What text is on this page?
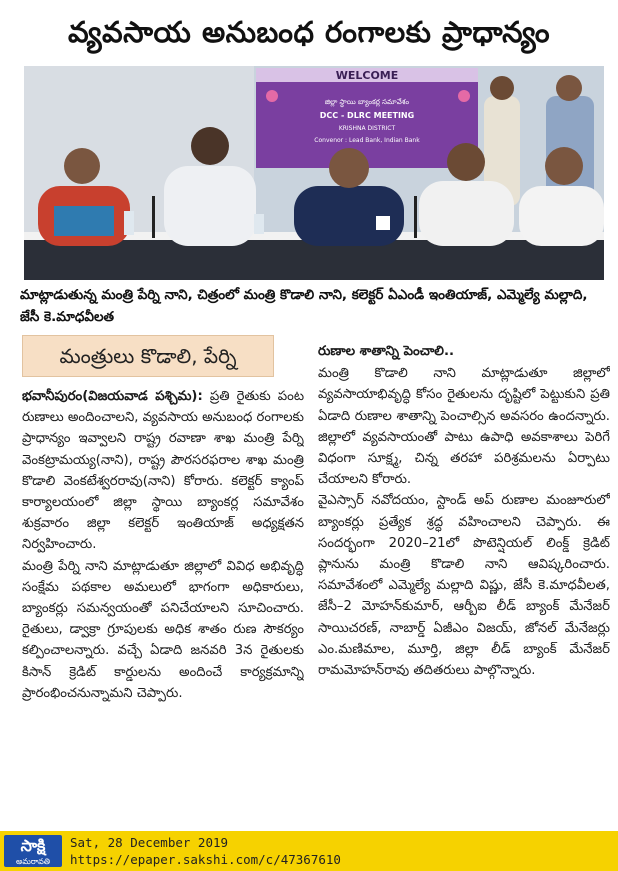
వ్యవసాయ అనుబంధ రంగాలకు ప్రాధాన్యం
WELCOME
జిల్లా స్థాయి బ్యాంకర్ల సమావేశం
DCC - DLRC MEETING
KRISHNA DISTRICT
Convenor : Lead Bank, Indian Bank
మాట్లాడుతున్న మంత్రి పేర్ని నాని, చిత్రంలో మంత్రి కొడాలి నాని, కలెక్టర్ ఏఎండీ ఇంతియాజ్, ఎమ్మెల్యే మల్లాది, జేసీ కె.మాధవీలత
మంత్రులు కొడాలి, పేర్ని

భవానీపురం(విజయవాడ పశ్చిమ): ప్రతి రైతుకు పంట రుణాలు అందించాలని, వ్యవసాయ అనుబంధ రంగాలకు ప్రాధాన్యం ఇవ్వాలని రాష్ట్ర రవాణా శాఖ మంత్రి పేర్ని వెంకట్రామయ్య(నాని), రాష్ట్ర పౌరసరఫరాల శాఖ మంత్రి కొడాలి వెంకటేశ్వరరావు(నాని) కోరారు. కలెక్టర్ క్యాంప్ కార్యాలయంలో జిల్లా స్థాయి బ్యాంకర్ల సమావేశం శుక్రవారం జిల్లా కలెక్టర్ ఇంతియాజ్ అధ్యక్షతన నిర్వహించారు.

మంత్రి పేర్ని నాని మాట్లాడుతూ జిల్లాలో వివిధ అభివృద్ధి సంక్షేమ పథకాల అమలులో భాగంగా అధికారులు, బ్యాంకర్లు సమన్వయంతో పనిచేయాలని సూచించారు. రైతులు, డ్వాక్రా గ్రూపులకు అధిక శాతం రుణ సౌకర్యం కల్పించాలన్నారు. వచ్చే ఏడాది జనవరి 3న రైతులకు కిసాన్ క్రెడిట్ కార్డులను అందించే కార్యక్రమాన్ని ప్రారంభించనున్నామని చెప్పారు.

రుణాల శాతాన్ని పెంచాలి..

మంత్రి కొడాలి నాని మాట్లాడుతూ జిల్లాలో వ్యవసాయాభివృద్ధి కోసం రైతులను దృష్టిలో పెట్టుకుని ప్రతి ఏడాది రుణాల శాతాన్ని పెంచాల్సిన అవసరం ఉందన్నారు. జిల్లాలో వ్యవసాయంతో పాటు ఉపాధి అవకాశాలు పెరిగే విధంగా సూక్ష్మ, చిన్న తరహా పరిశ్రమలను ఏర్పాటు చేయాలని కోరారు.

వైఎస్సార్ నవోదయం, స్టాండ్ అప్ రుణాల మంజూరులో బ్యాంకర్లు ప్రత్యేక శ్రద్ధ వహించాలని చెప్పారు. ఈ సందర్భంగా 2020–21లో పొటెన్షియల్ లింక్డ్ క్రెడిట్ ప్లానును మంత్రి కొడాలి నాని ఆవిష్కరించారు. సమావేశంలో ఎమ్మెల్యే మల్లాది విష్ణు, జేసీ కె.మాధవీలత, జేసీ–2 మోహన్‌కుమార్, ఆర్బీఐ లీడ్ బ్యాంక్ మేనేజర్ సాయిచరణ్, నాబార్డ్ ఏజీఎం విజయ్, జోనల్ మేనేజర్లు ఎం.మణిమాల, మూర్తి, జిల్లా లీడ్ బ్యాంక్ మేనేజర్ రామమోహన్‌రావు తదితరులు పాల్గొన్నారు.

సాక్షి
అమరావతి
Sat, 28 December 2019
https://epaper.sakshi.com/c/47367610
